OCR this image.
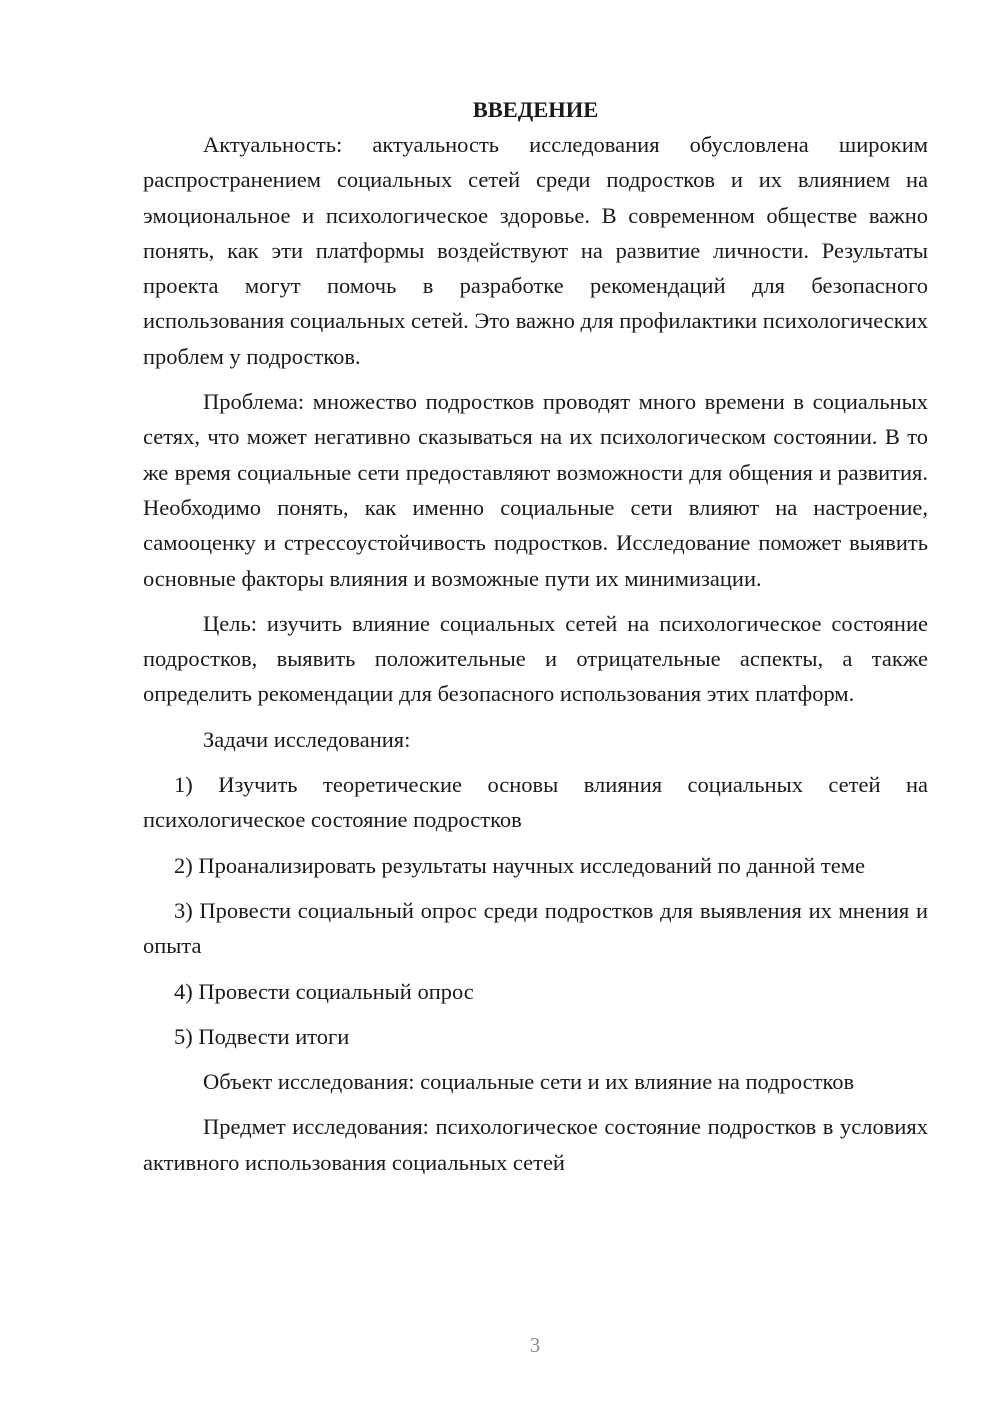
ВВЕДЕНИЕ

Актуальность: актуальность исследования обусловлена широким распространением социальных сетей среди подростков и их влиянием на эмоциональное и психологическое здоровье. В современном обществе важно понять, как эти платформы воздействуют на развитие личности. Результаты проекта могут помочь в разработке рекомендаций для безопасного использования социальных сетей. Это важно для профилактики психологических проблем у подростков.

Проблема: множество подростков проводят много времени в социальных сетях, что может негативно сказываться на их психологическом состоянии. В то же время социальные сети предоставляют возможности для общения и развития. Необходимо понять, как именно социальные сети влияют на настроение, самооценку и стрессоустойчивость подростков. Исследование поможет выявить основные факторы влияния и возможные пути их минимизации.

Цель: изучить влияние социальных сетей на психологическое состояние подростков, выявить положительные и отрицательные аспекты, а также определить рекомендации для безопасного использования этих платформ.

Задачи исследования:

1) Изучить теоретические основы влияния социальных сетей на психологическое состояние подростков

2) Проанализировать результаты научных исследований по данной теме

3) Провести социальный опрос среди подростков для выявления их мнения и опыта

4) Провести социальный опрос

5) Подвести итоги

Объект исследования: социальные сети и их влияние на подростков

Предмет исследования: психологическое состояние подростков в условиях активного использования социальных сетей

3
